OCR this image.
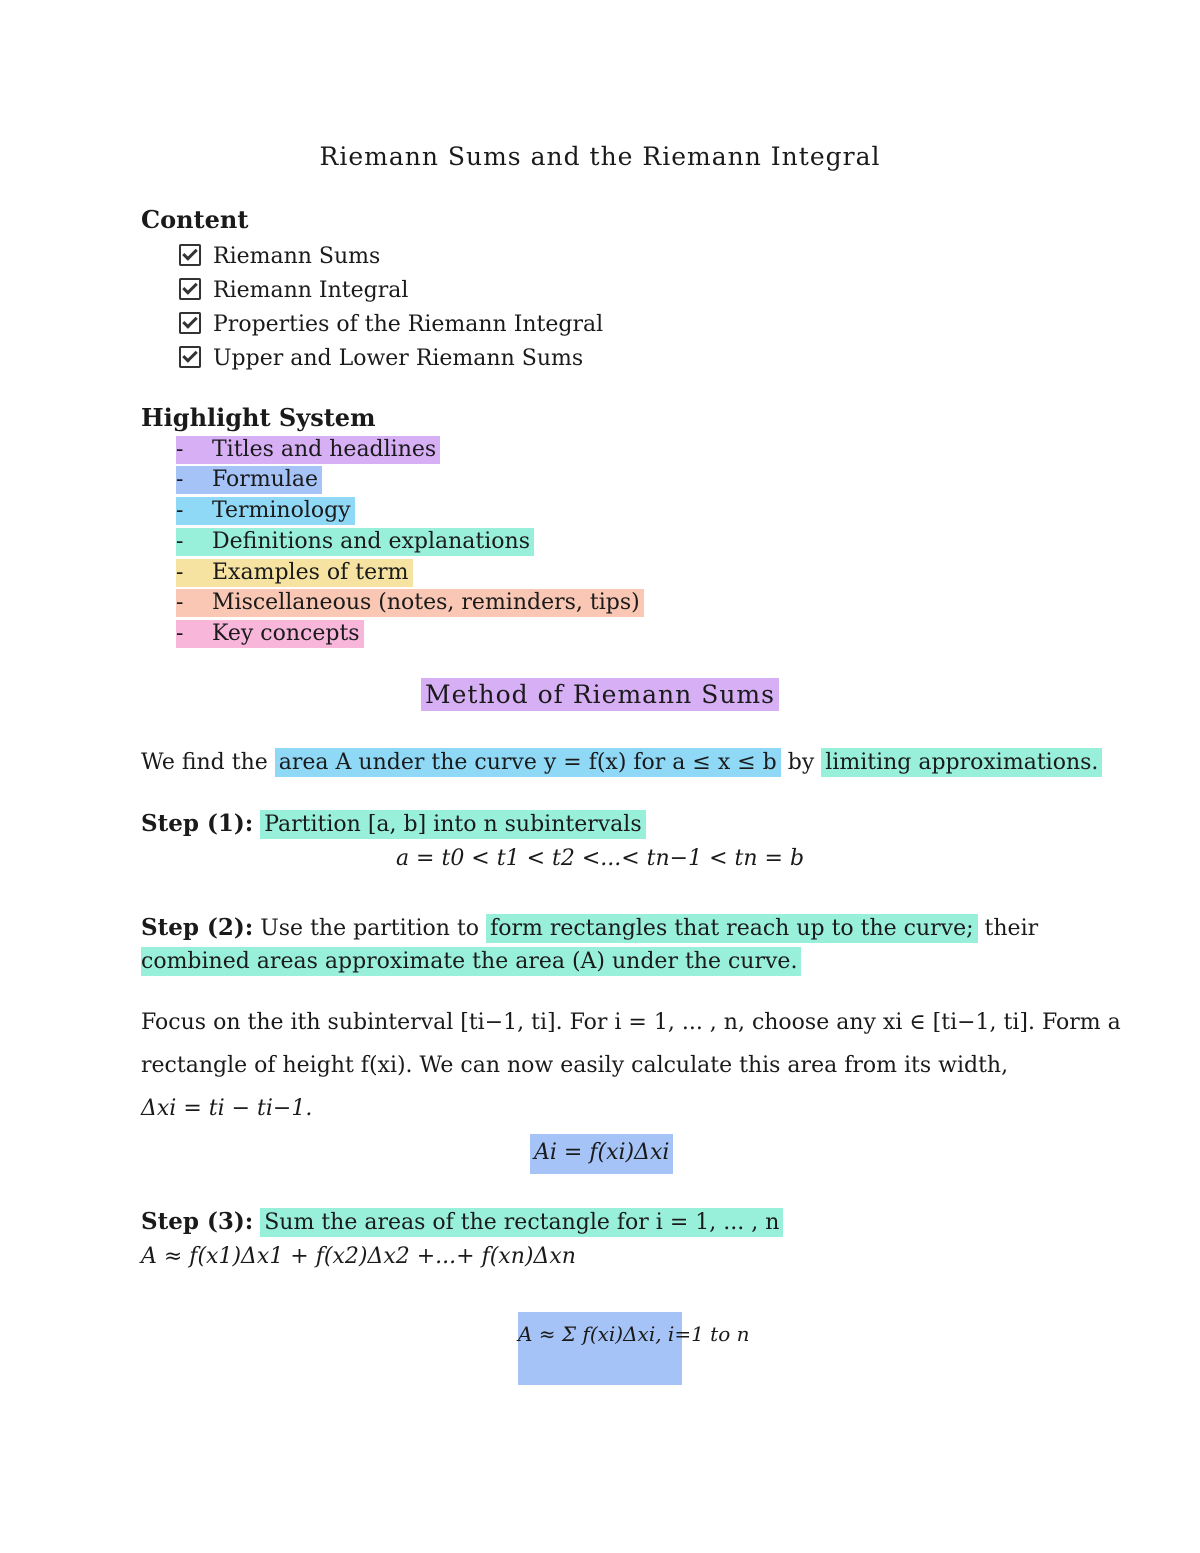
Riemann Sums and the Riemann Integral
Content
Riemann Sums
Riemann Integral
Properties of the Riemann Integral
Upper and Lower Riemann Sums
Highlight System
- Titles and headlines
- Formulae
- Terminology
- Definitions and explanations
- Examples of term
- Miscellaneous (notes, reminders, tips)
- Key concepts
Method of Riemann Sums
We find the area A under the curve y = f(x) for a ≤ x ≤ b by limiting approximations.
Step (1): Partition [a, b] into n subintervals
a = t0 < t1 < t2 <...< tn−1 < tn = b
Step (2): Use the partition to form rectangles that reach up to the curve; their
combined areas approximate the area (A) under the curve.
Focus on the ith subinterval [ti−1, ti]. For i = 1, ... , n, choose any xi ∈ [ti−1, ti]. Form a
rectangle of height f(xi). We can now easily calculate this area from its width,
Δxi = ti − ti−1.
Ai = f(xi)Δxi
Step (3): Sum the areas of the rectangle for i = 1, ... , n
A ≈ f(x1)Δx1 + f(x2)Δx2 +...+ f(xn)Δxn
A ≈ Σ f(xi)Δxi, i=1 to n
